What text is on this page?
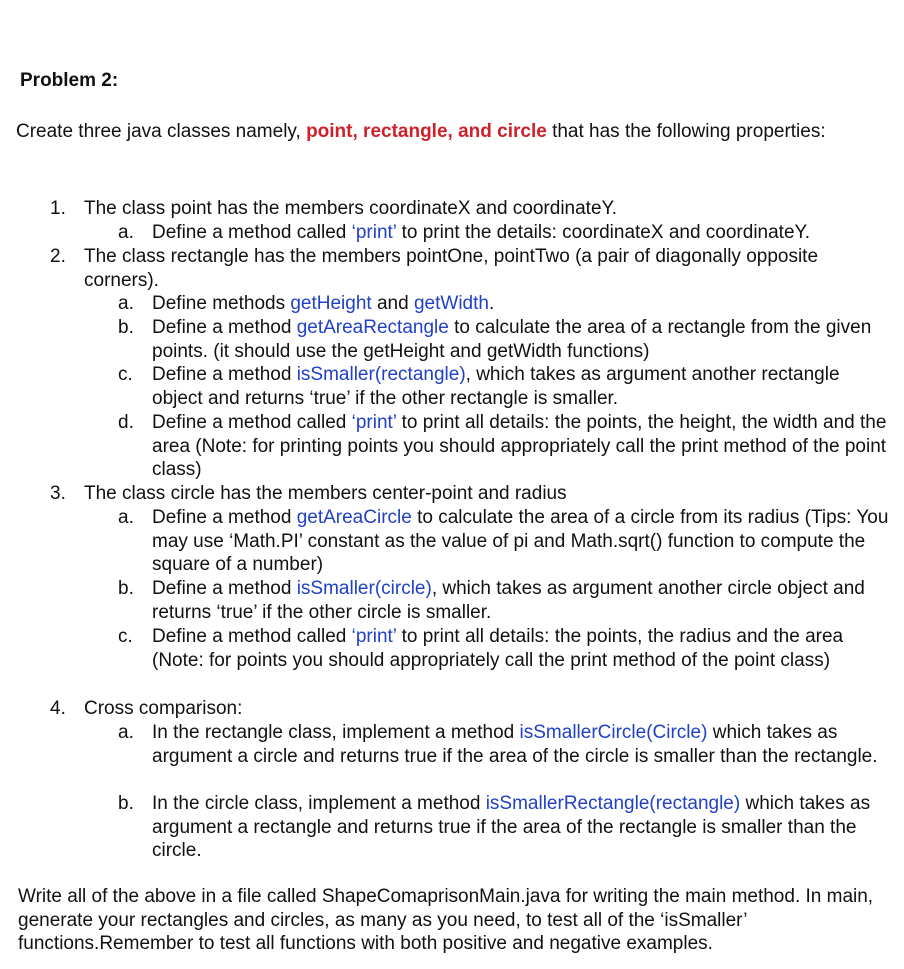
Problem 2:
Create three java classes namely, point, rectangle, and circle that has the following properties:
1. The class point has the members coordinateX and coordinateY.
a. Define a method called ‘print’ to print the details: coordinateX and coordinateY.
2. The class rectangle has the members pointOne, pointTwo (a pair of diagonally opposite corners).
a. Define methods getHeight and getWidth.
b. Define a method getAreaRectangle to calculate the area of a rectangle from the given points. (it should use the getHeight and getWidth functions)
c.	Define a method isSmaller(rectangle), which takes as argument another rectangle object and returns ‘true’ if the other rectangle is smaller.
d. Define a method called ‘print’ to print all details: the points, the height, the width and the area (Note: for printing points you should appropriately call the print method of the point class)
3. The class circle has the members center-point and radius
a. Define a method getAreaCircle to calculate the area of a circle from its radius (Tips: You may use ‘Math.PI’ constant as the value of pi and Math.sqrt() function to compute the square of a number)
b. Define a method isSmaller(circle), which takes as argument another circle object and returns ‘true’ if the other circle is smaller.
c.	Define a method called ‘print’ to print all details: the points, the radius and the area (Note: for points you should appropriately call the print method of the point class)
4. Cross comparison:
a. In the rectangle class, implement a method isSmallerCircle(Circle) which takes as argument a circle and returns true if the area of the circle is smaller than the rectangle.
b. In the circle class, implement a method isSmallerRectangle(rectangle) which takes as argument a rectangle and returns true if the area of the rectangle is smaller than the circle.
Write all of the above in a file called ShapeComaprisonMain.java for writing the main method. In main, generate your rectangles and circles, as many as you need, to test all of the ‘isSmaller’ functions.Remember to test all functions with both positive and negative examples.
